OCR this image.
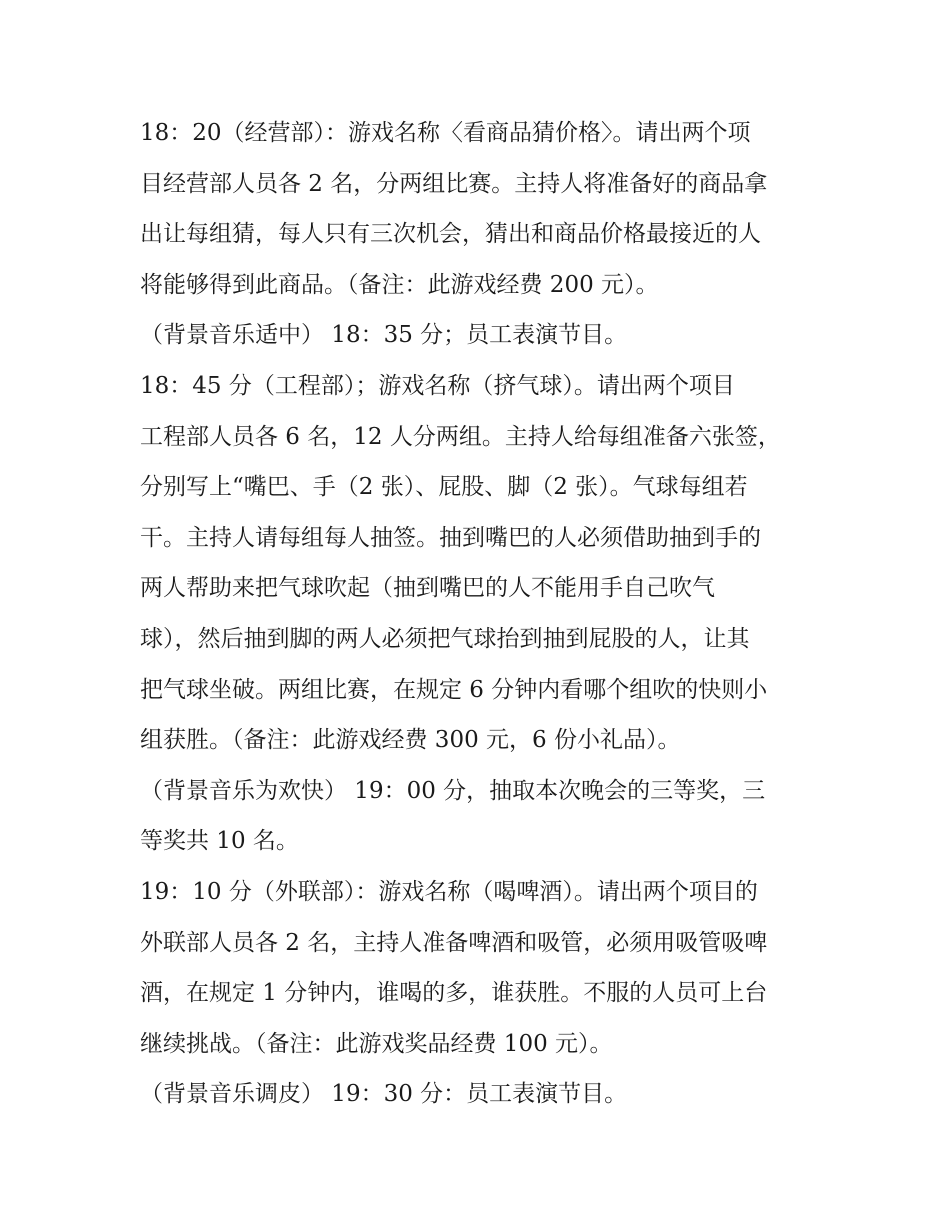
18：20（经营部）：游戏名称〈看商品猜价格〉。请出两个项
目经营部人员各 2 名，分两组比赛。主持人将准备好的商品拿
出让每组猜，每人只有三次机会，猜出和商品价格最接近的人
将能够得到此商品。（备注：此游戏经费 200 元）。
（背景音乐适中） 18：35 分；员工表演节目。
18：45 分（工程部）；游戏名称（挤气球）。请出两个项目
工程部人员各 6 名，12 人分两组。主持人给每组准备六张签，
分别写上“嘴巴、手（2 张）、屁股、脚（2 张）。气球每组若
干。主持人请每组每人抽签。抽到嘴巴的人必须借助抽到手的
两人帮助来把气球吹起（抽到嘴巴的人不能用手自己吹气
球），然后抽到脚的两人必须把气球抬到抽到屁股的人，让其
把气球坐破。两组比赛，在规定 6 分钟内看哪个组吹的快则小
组获胜。（备注：此游戏经费 300 元，6 份小礼品）。
（背景音乐为欢快） 19：00 分，抽取本次晚会的三等奖，三
等奖共 10 名。
19：10 分（外联部）：游戏名称（喝啤酒）。请出两个项目的
外联部人员各 2 名，主持人准备啤酒和吸管，必须用吸管吸啤
酒，在规定 1 分钟内，谁喝的多，谁获胜。不服的人员可上台
继续挑战。（备注：此游戏奖品经费 100 元）。
（背景音乐调皮） 19：30 分：员工表演节目。
